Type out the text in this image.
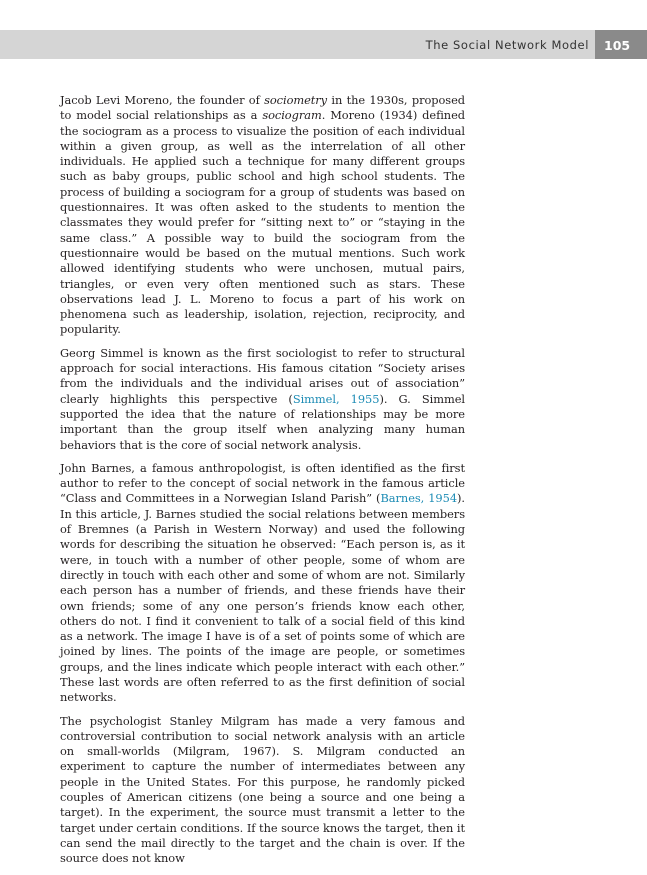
The Social Network Model	105

Jacob Levi Moreno, the founder of sociometry in the 1930s, proposed to model social relationships as a sociogram. Moreno (1934) defined the sociogram as a process to visualize the position of each individual within a given group, as well as the interrelation of all other individuals. He applied such a technique for many different groups such as baby groups, public school and high school students. The process of building a sociogram for a group of students was based on questionnaires. It was often asked to the students to mention the classmates they would prefer for “sitting next to” or “staying in the same class.” A possible way to build the sociogram from the questionnaire would be based on the mutual mentions. Such work allowed identifying students who were unchosen, mutual pairs, triangles, or even very often mentioned such as stars. These observations lead J. L. Moreno to focus a part of his work on phenomena such as leadership, isolation, rejection, reciprocity, and popularity.

Georg Simmel is known as the first sociologist to refer to structural approach for social interactions. His famous citation “Society arises from the individuals and the individual arises out of association” clearly highlights this perspective (Simmel, 1955). G. Simmel supported the idea that the nature of relationships may be more important than the group itself when analyzing many human behaviors that is the core of social network analysis.

John Barnes, a famous anthropologist, is often identified as the first author to refer to the concept of social network in the famous article “Class and Committees in a Norwegian Island Parish” (Barnes, 1954). In this article, J. Barnes studied the social relations between members of Bremnes (a Parish in Western Norway) and used the following words for describing the situation he observed: “Each person is, as it were, in touch with a number of other people, some of whom are directly in touch with each other and some of whom are not. Similarly each person has a number of friends, and these friends have their own friends; some of any one person’s friends know each other, others do not. I find it convenient to talk of a social field of this kind as a network. The image I have is of a set of points some of which are joined by lines. The points of the image are people, or sometimes groups, and the lines indicate which people interact with each other.” These last words are often referred to as the first definition of social networks.

The psychologist Stanley Milgram has made a very famous and controversial contribution to social network analysis with an article on small-worlds (Milgram, 1967). S. Milgram conducted an experiment to capture the number of intermediates between any people in the United States. For this purpose, he randomly picked couples of American citizens (one being a source and one being a target). In the experiment, the source must transmit a letter to the target under certain conditions. If the source knows the target, then it can send the mail directly to the target and the chain is over. If the source does not know
